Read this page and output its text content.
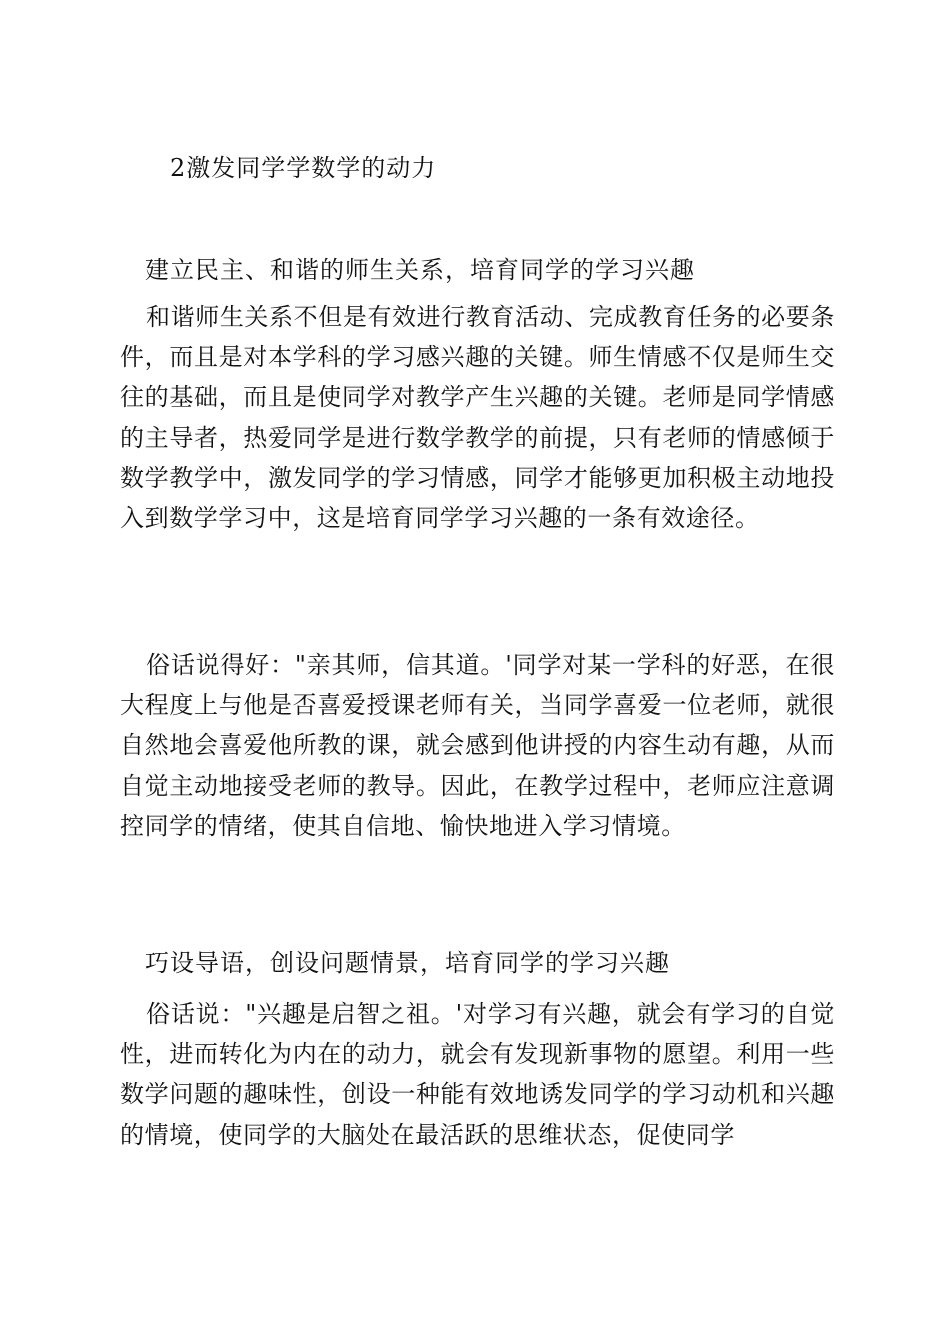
2激发同学学数学的动力
建立民主、和谐的师生关系，培育同学的学习兴趣

和谐师生关系不但是有效进行教育活动、完成教育任务的必要条件，而且是对本学科的学习感兴趣的关键。师生情感不仅是师生交往的基础，而且是使同学对教学产生兴趣的关键。老师是同学情感的主导者，热爱同学是进行数学教学的前提，只有老师的情感倾于数学教学中，激发同学的学习情感，同学才能够更加积极主动地投入到数学学习中，这是培育同学学习兴趣的一条有效途径。

俗话说得好："亲其师，信其道。'同学对某一学科的好恶，在很大程度上与他是否喜爱授课老师有关，当同学喜爱一位老师，就很自然地会喜爱他所教的课，就会感到他讲授的内容生动有趣，从而自觉主动地接受老师的教导。因此，在教学过程中，老师应注意调控同学的情绪，使其自信地、愉快地进入学习情境。

巧设导语，创设问题情景，培育同学的学习兴趣

俗话说："兴趣是启智之祖。'对学习有兴趣，就会有学习的自觉性，进而转化为内在的动力，就会有发现新事物的愿望。利用一些数学问题的趣味性，创设一种能有效地诱发同学的学习动机和兴趣的情境，使同学的大脑处在最活跃的思维状态，促使同学
